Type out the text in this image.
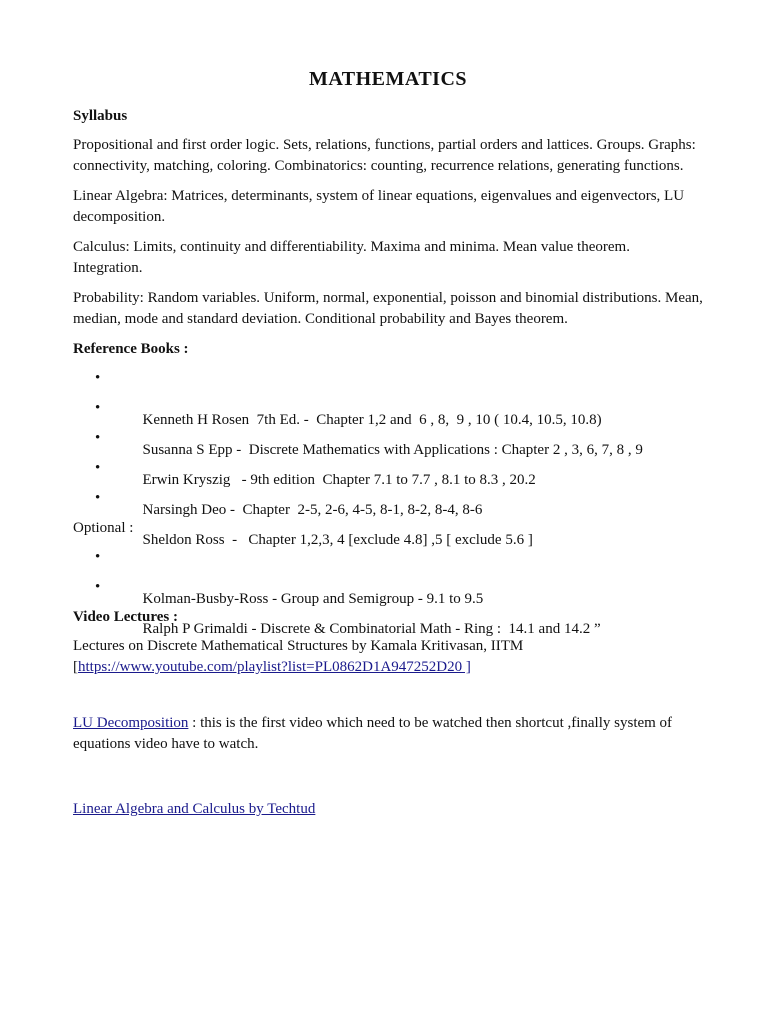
MATHEMATICS
Syllabus

Propositional and first order logic. Sets, relations, functions, partial orders and lattices. Groups. Graphs: connectivity, matching, coloring. Combinatorics: counting, recurrence relations, generating functions.

Linear Algebra: Matrices, determinants, system of linear equations, eigenvalues and eigenvectors, LU decomposition.

Calculus: Limits, continuity and differentiability. Maxima and minima. Mean value theorem. Integration.

Probability: Random variables. Uniform, normal, exponential, poisson and binomial distributions. Mean, median, mode and standard deviation. Conditional probability and Bayes theorem.

Reference Books :

•

Kenneth H Rosen  7th Ed. -  Chapter 1,2 and  6 , 8,  9 , 10 ( 10.4, 10.5, 10.8)

•

Susanna S Epp -  Discrete Mathematics with Applications : Chapter 2 , 3, 6, 7, 8 , 9

•

Erwin Kryszig   - 9th edition  Chapter 7.1 to 7.7 , 8.1 to 8.3 , 20.2

•

Narsingh Deo -  Chapter  2-5, 2-6, 4-5, 8-1, 8-2, 8-4, 8-6

•

Sheldon Ross  -   Chapter 1,2,3, 4 [exclude 4.8] ,5 [ exclude 5.6 ]

Optional :

•

Kolman-Busby-Ross - Group and Semigroup - 9.1 to 9.5

•

Ralph P Grimaldi - Discrete & Combinatorial Math - Ring :  14.1 and 14.2 ”

Video Lectures :

Lectures on Discrete Mathematical Structures by Kamala Kritivasan, IITM
[https://www.youtube.com/playlist?list=PL0862D1A947252D20 ]

LU Decomposition : this is the first video which need to be watched then shortcut ,finally system of equations video have to watch.

Linear Algebra and Calculus by Techtud
